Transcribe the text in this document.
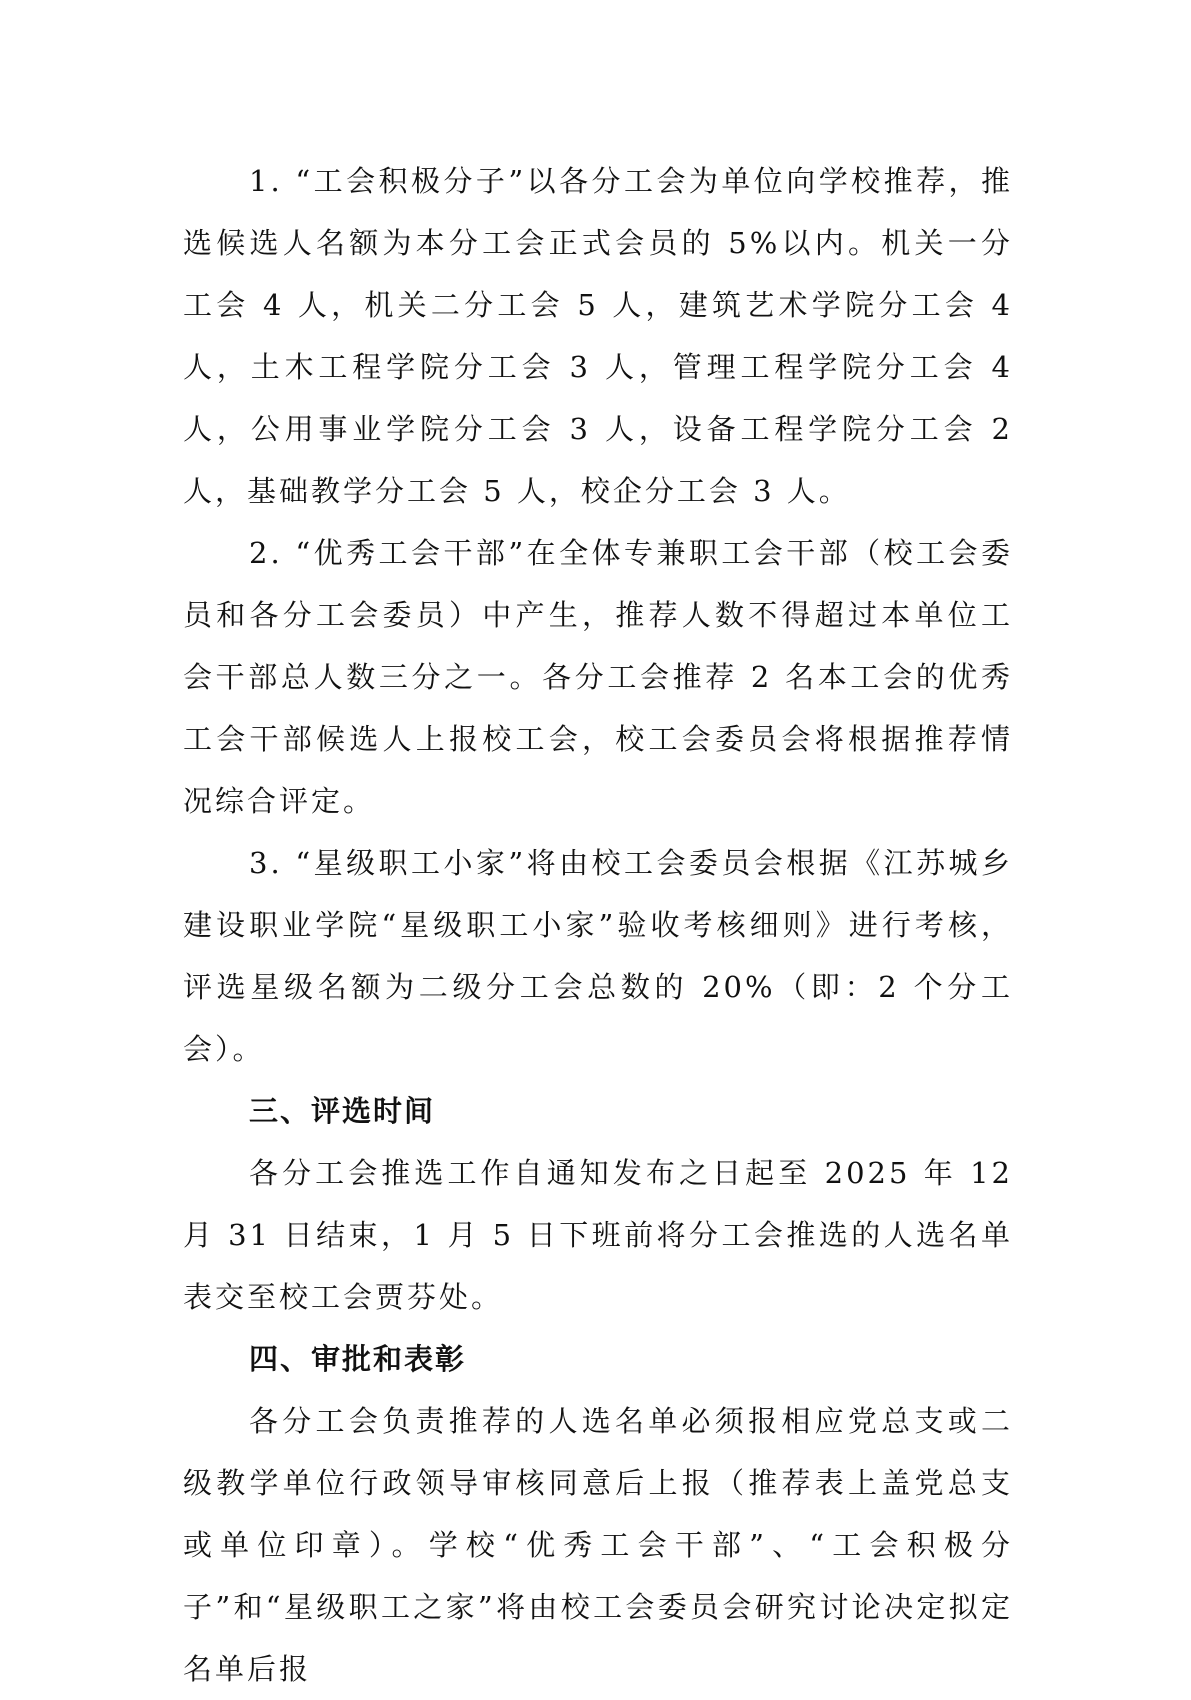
1. “工会积极分子”以各分工会为单位向学校推荐，推选候选人名额为本分工会正式会员的 5%以内。机关一分工会 4 人，机关二分工会 5 人，建筑艺术学院分工会 4 人，土木工程学院分工会 3 人，管理工程学院分工会 4 人，公用事业学院分工会 3 人，设备工程学院分工会 2 人，基础教学分工会 5 人，校企分工会 3 人。

2. “优秀工会干部”在全体专兼职工会干部（校工会委员和各分工会委员）中产生，推荐人数不得超过本单位工会干部总人数三分之一。各分工会推荐 2 名本工会的优秀工会干部候选人上报校工会，校工会委员会将根据推荐情况综合评定。

3. “星级职工小家”将由校工会委员会根据《江苏城乡建设职业学院“星级职工小家”验收考核细则》进行考核，评选星级名额为二级分工会总数的 20%（即：2 个分工会）。

三、评选时间

各分工会推选工作自通知发布之日起至 2025 年 12 月 31 日结束，1 月 5 日下班前将分工会推选的人选名单表交至校工会贾芬处。

四、审批和表彰

各分工会负责推荐的人选名单必须报相应党总支或二级教学单位行政领导审核同意后上报（推荐表上盖党总支或单位印章）。学校“优秀工会干部”、“工会积极分子”和“星级职工之家”将由校工会委员会研究讨论决定拟定名单后报
